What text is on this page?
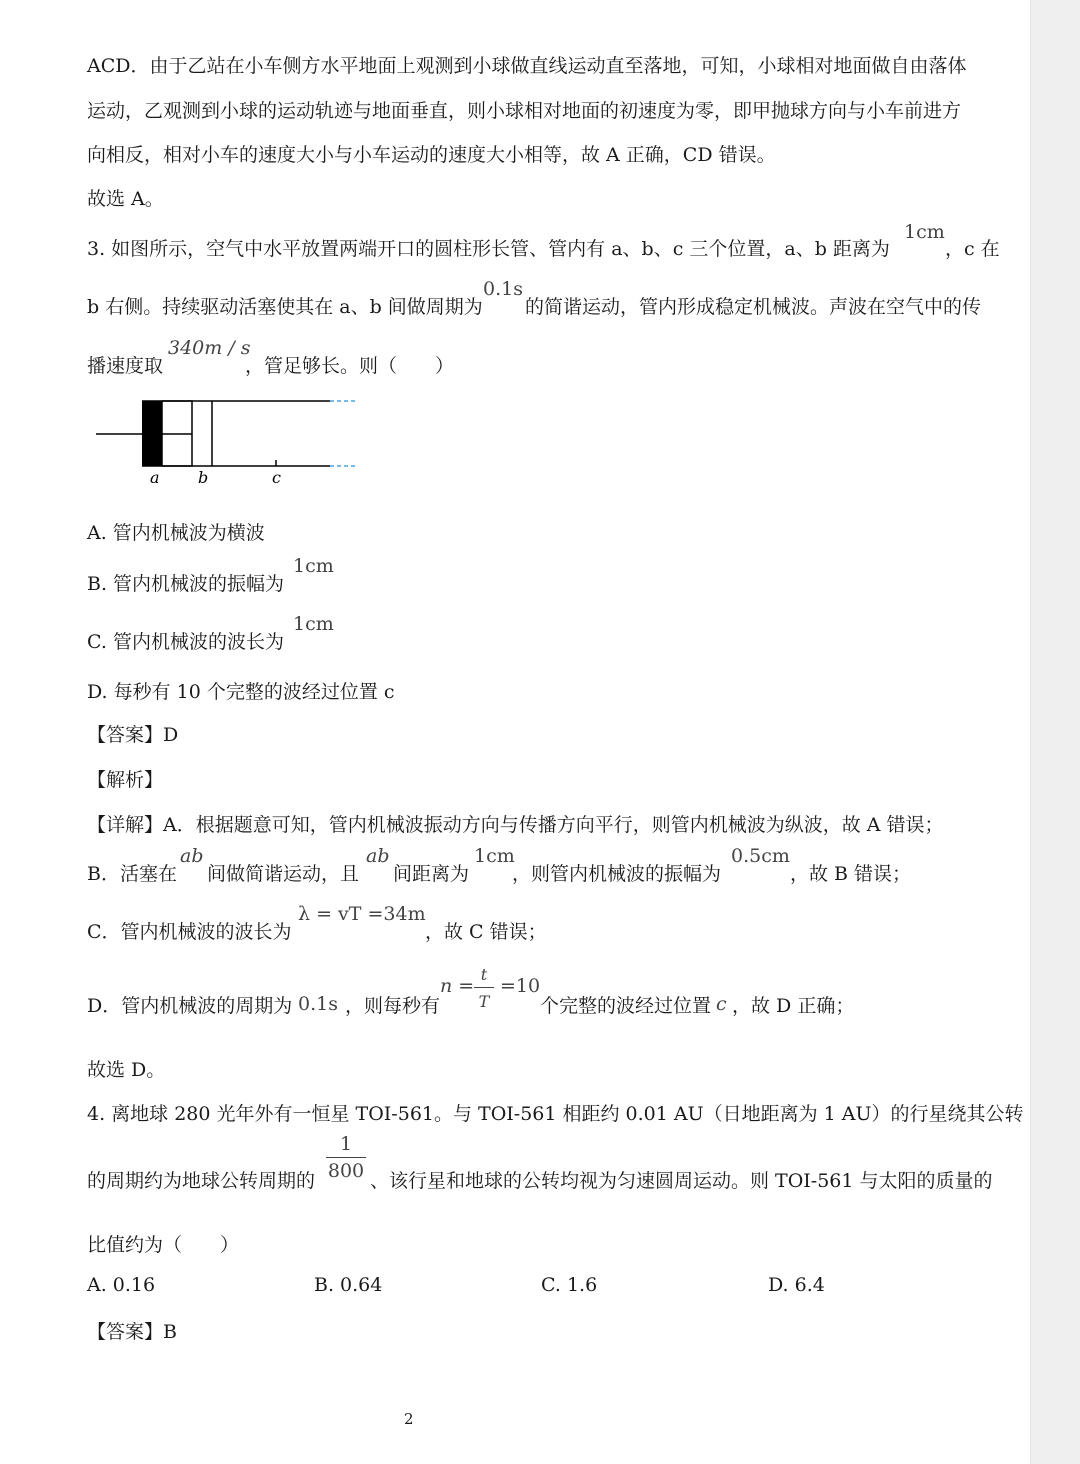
ACD．由于乙站在小车侧方水平地面上观测到小球做直线运动直至落地，可知，小球相对地面做自由落体
运动，乙观测到小球的运动轨迹与地面垂直，则小球相对地面的初速度为零，即甲抛球方向与小车前进方
向相反，相对小车的速度大小与小车运动的速度大小相等，故 A 正确，CD 错误。
故选 A。
3. 如图所示，空气中水平放置两端开口的圆柱形长管、管内有 a、b、c 三个位置，a、b 距离为
1cm
，c 在
b 右侧。持续驱动活塞使其在 a、b 间做周期为
0.1s
的简谐运动，管内形成稳定机械波。声波在空气中的传
播速度取
340m / s
，管足够长。则（　　）
a b	c
A. 管内机械波为横波
B. 管内机械波的振幅为
1cm
C. 管内机械波的波长为
1cm
D. 每秒有 10 个完整的波经过位置 c
【答案】D
【解析】
【详解】A．根据题意可知，管内机械波振动方向与传播方向平行，则管内机械波为纵波，故 A 错误；
B．活塞在
ab
间做简谐运动，且
ab
间距离为
1cm
，则管内机械波的振幅为
0.5cm
，故 B 错误；
C．管内机械波的波长为
λ = vT =34m
，故 C 错误；
D．管内机械波的周期为 0.1s ，则每秒有
n =
t
T
=10
个完整的波经过位置 c ，故 D 正确；
故选 D。
4. 离地球 280 光年外有一恒星 TOI-561。与 TOI-561 相距约 0.01 AU（日地距离为 1 AU）的行星绕其公转
的周期约为地球公转周期的
1
800 、该行星和地球的公转均视为匀速圆周运动。则 TOI-561 与太阳的质量的
比值约为（　　）
A. 0.16	B. 0.64	C. 1.6	D. 6.4
【答案】B
2
